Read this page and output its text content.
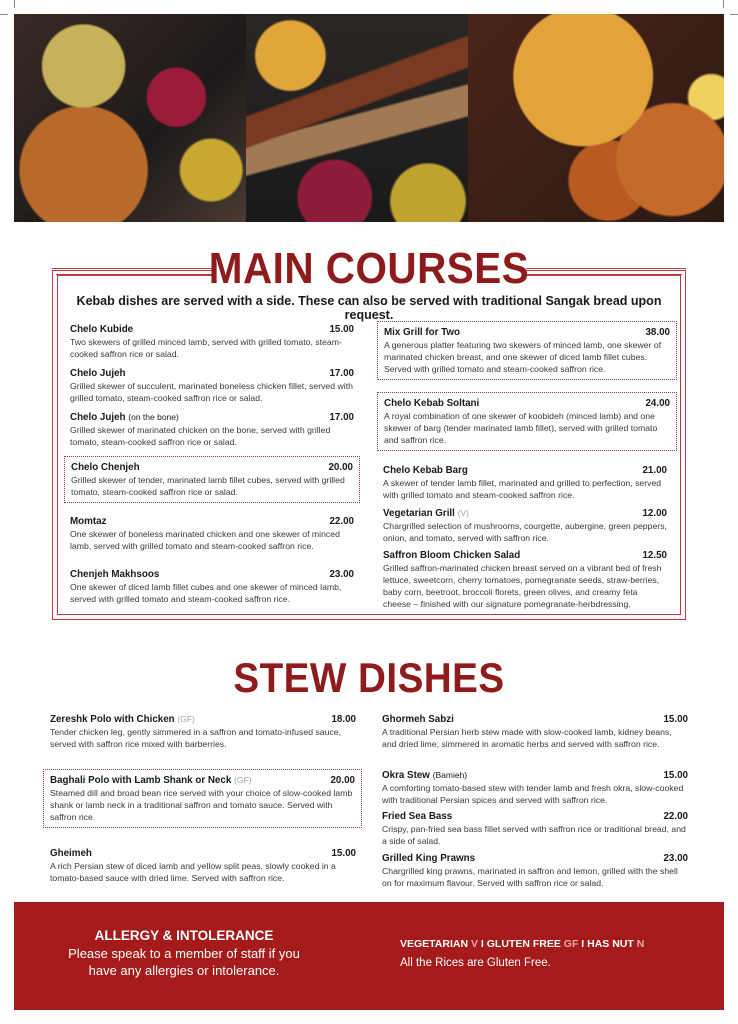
MAIN COURSES
Kebab dishes are served with a side. These can also be served with traditional Sangak bread upon request.
Chelo Kubide	15.00
Two skewers of grilled minced lamb, served with grilled tomato, steam-cooked saffron rice or salad.
Chelo Jujeh	17.00
Grilled skewer of succulent, marinated boneless chicken fillet, served with grilled tomato, steam-cooked saffron rice or salad.
Chelo Jujeh (on the bone)	17.00
Grilled skewer of marinated chicken on the bone, served with grilled tomato, steam-cooked saffron rice or salad.
Chelo Chenjeh	20.00
Grilled skewer of tender, marinated lamb fillet cubes, served with grilled tomato, steam-cooked saffron rice or salad.
Momtaz	22.00
One skewer of boneless marinated chicken and one skewer of minced lamb, served with grilled tomato and steam-cooked saffron rice.
Chenjeh Makhsoos	23.00
One skewer of diced lamb fillet cubes and one skewer of minced lamb, served with grilled tomato and steam-cooked saffron rice.
Mix Grill for Two	38.00
A generous platter featuring two skewers of minced lamb, one skewer of marinated chicken breast, and one skewer of diced lamb fillet cubes. Served with grilled tomato and steam-cooked saffron rice.
Chelo Kebab Soltani	24.00
A royal combination of one skewer of koobideh (minced lamb) and one skewer of barg (tender marinated lamb fillet), served with grilled tomato and saffron rice.
Chelo Kebab Barg	21.00
A skewer of tender lamb fillet, marinated and grilled to perfection, served with grilled tomato and steam-cooked saffron rice.
Vegetarian Grill (V)	12.00
Chargrilled selection of mushrooms, courgette, aubergine, green peppers, onion, and tomato, served with saffron rice.
Saffron Bloom Chicken Salad	12.50
Grilled saffron-marinated chicken breast served on a vibrant bed of fresh lettuce, sweetcorn, cherry tomatoes, pomegranate seeds, straw-berries, baby corn, beetroot, broccoli florets, green olives, and creamy feta cheese – finished with our signature pomegranate-herbdressing.
STEW DISHES
Zereshk Polo with Chicken (GF)	18.00
Tender chicken leg, gently simmered in a saffron and tomato-infused sauce, served with saffron rice mixed with barberries.
Baghali Polo with Lamb Shank or Neck (GF)	20.00
Steamed dill and broad bean rice served with your choice of slow-cooked lamb shank or lamb neck in a traditional saffron and tomato sauce. Served with saffron rice.
Gheimeh	15.00
A rich Persian stew of diced lamb and yellow split peas, slowly cooked in a tomato-based sauce with dried lime. Served with saffron rice.
Ghormeh Sabzi	15.00
A traditional Persian herb stew made with slow-cooked lamb, kidney beans, and dried lime, simmered in aromatic herbs and served with saffron rice.
Okra Stew (Bamieh)	15.00
A comforting tomato-based stew with tender lamb and fresh okra, slow-cooked with traditional Persian spices and served with saffron rice.
Fried Sea Bass	22.00
Crispy, pan-fried sea bass fillet served with saffron rice or traditional bread, and a side of salad.
Grilled King Prawns	23.00
Chargrilled king prawns, marinated in saffron and lemon, grilled with the shell on for maximum flavour. Served with saffron rice or salad.
ALLERGY & INTOLERANCE
Please speak to a member of staff if you
have any allergies or intolerance.
VEGETARIAN V I GLUTEN FREE GF I HAS NUT N
All the Rices are Gluten Free.
